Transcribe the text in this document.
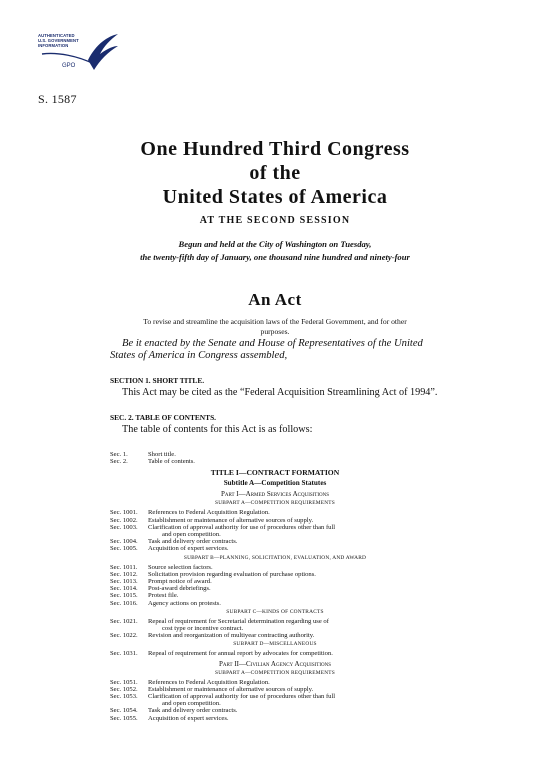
AUTHENTICATED
U.S. GOVERNMENT
INFORMATION
GPO
S. 1587
One Hundred Third Congress
of the
United States of America
AT THE SECOND SESSION
Begun and held at the City of Washington on Tuesday,
the twenty-fifth day of January, one thousand nine hundred and ninety-four
An Act
To revise and streamline the acquisition laws of the Federal Government, and for other purposes.
Be it enacted by the Senate and House of Representatives of the United States of America in Congress assembled,
SECTION 1. SHORT TITLE.
This Act may be cited as the “Federal Acquisition Streamlining Act of 1994”.
SEC. 2. TABLE OF CONTENTS.
The table of contents for this Act is as follows:
Sec. 1.	Short title.
Sec. 2.	Table of contents.
TITLE I—CONTRACT FORMATION
Subtitle A—Competition Statutes
Part I—Armed Services Acquisitions
SUBPART A—COMPETITION REQUIREMENTS
Sec. 1001.	References to Federal Acquisition Regulation.
Sec. 1002.	Establishment or maintenance of alternative sources of supply.
Sec. 1003.	Clarification of approval authority for use of procedures other than full
and open competition.
Sec. 1004.	Task and delivery order contracts.
Sec. 1005.	Acquisition of expert services.
SUBPART B—PLANNING, SOLICITATION, EVALUATION, AND AWARD
Sec. 1011.	Source selection factors.
Sec. 1012.	Solicitation provision regarding evaluation of purchase options.
Sec. 1013.	Prompt notice of award.
Sec. 1014.	Post-award debriefings.
Sec. 1015.	Protest file.
Sec. 1016.	Agency actions on protests.
SUBPART C—KINDS OF CONTRACTS
Sec. 1021.	Repeal of requirement for Secretarial determination regarding use of
cost type or incentive contract.
Sec. 1022.	Revision and reorganization of multiyear contracting authority.
SUBPART D—MISCELLANEOUS
Sec. 1031.	Repeal of requirement for annual report by advocates for competition.
Part II—Civilian Agency Acquisitions
SUBPART A—COMPETITION REQUIREMENTS
Sec. 1051.	References to Federal Acquisition Regulation.
Sec. 1052.	Establishment or maintenance of alternative sources of supply.
Sec. 1053.	Clarification of approval authority for use of procedures other than full
and open competition.
Sec. 1054.	Task and delivery order contracts.
Sec. 1055.	Acquisition of expert services.
